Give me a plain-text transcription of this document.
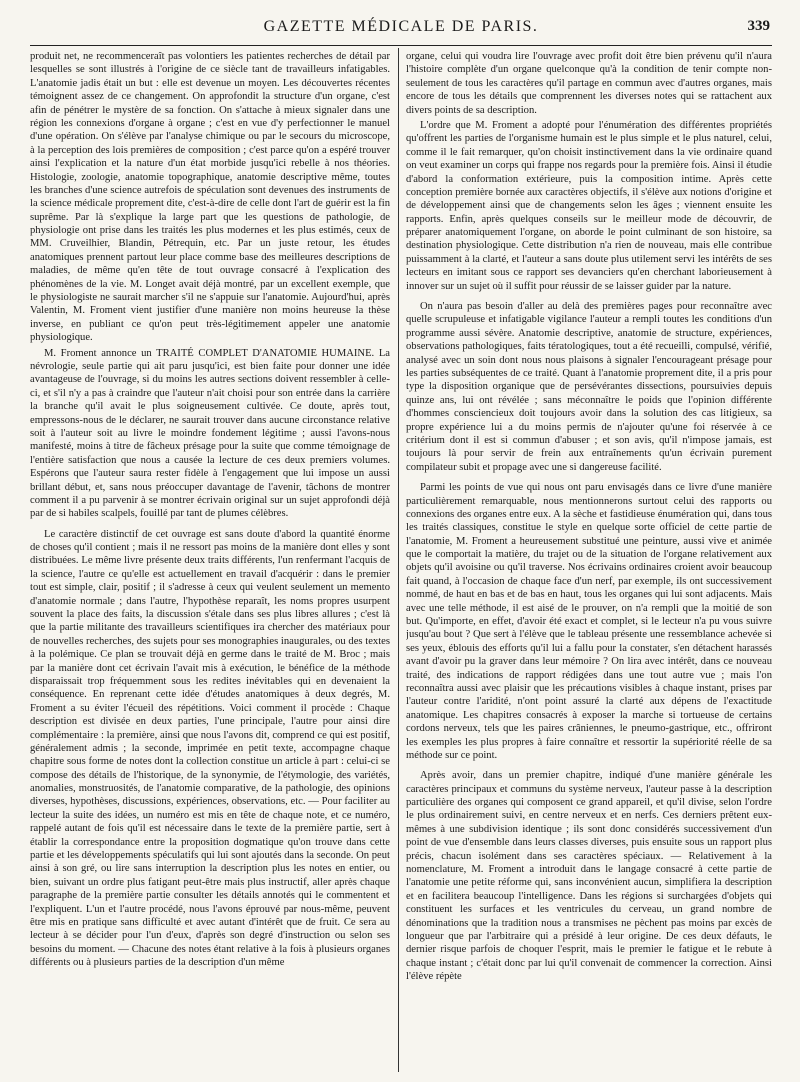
GAZETTE MÉDICALE DE PARIS.	339

produit net, ne recommenceraît pas volontiers les patientes recherches de détail par lesquelles se sont illustrés à l'origine de ce siècle tant de travailleurs infatigables. L'anatomie jadis était un but : elle est devenue un moyen. Les découvertes récentes témoignent assez de ce changement. On approfondit la structure d'un organe, c'est afin de pénétrer le mystère de sa fonction. On s'attache à mieux signaler dans une région les connexions d'organe à organe ; c'est en vue d'y perfectionner le manuel d'une opération. On s'élève par l'analyse chimique ou par le secours du microscope, à la perception des lois premières de composition ; c'est parce qu'on a espéré trouver ainsi l'explication et la nature d'un état morbide jusqu'ici rebelle à nos théories. Histologie, zoologie, anatomie topographique, anatomie descriptive même, toutes les branches d'une science autrefois de spéculation sont devenues des instruments de la science médicale proprement dite, c'est-à-dire de celle dont l'art de guérir est la fin suprême. Par là s'explique la large part que les questions de pathologie, de physiologie ont prise dans les traités les plus modernes et les plus estimés, ceux de MM. Cruveilhier, Blandin, Pétrequin, etc. Par un juste retour, les études anatomiques prennent partout leur place comme base des meilleures descriptions de maladies, de même qu'en tête de tout ouvrage consacré à l'explication des phénomènes de la vie. M. Longet avait déjà montré, par un excellent exemple, que le physiologiste ne saurait marcher s'il ne s'appuie sur l'anatomie. Aujourd'hui, après Valentin, M. Froment vient justifier d'une manière non moins heureuse la thèse inverse, en publiant ce qu'on peut très-légitimement appeler une anatomie physiologique.

M. Froment annonce un TRAITÉ COMPLET D'ANATOMIE HUMAINE. La névrologie, seule partie qui ait paru jusqu'ici, est bien faite pour donner une idée avantageuse de l'ouvrage, si du moins les autres sections doivent ressembler à celle-ci, et s'il n'y a pas à craindre que l'auteur n'ait choisi pour son entrée dans la carrière la branche qu'il avait le plus soigneusement cultivée. Ce doute, après tout, empressons-nous de le déclarer, ne saurait trouver dans aucune circonstance relative soit à l'auteur soit au livre le moindre fondement légitime ; aussi l'avons-nous manifesté, moins à titre de fâcheux présage pour la suite que comme témoignage de l'entière satisfaction que nous a causée la lecture de ces deux premiers volumes. Espérons que l'auteur saura rester fidèle à l'engagement que lui impose un aussi brillant début, et, sans nous préoccuper davantage de l'avenir, tâchons de montrer comment il a pu parvenir à se montrer écrivain original sur un sujet approfondi déjà par de si habiles scalpels, fouillé par tant de plumes célèbres.

Le caractère distinctif de cet ouvrage est sans doute d'abord la quantité énorme de choses qu'il contient ; mais il ne ressort pas moins de la manière dont elles y sont distribuées. Le même livre présente deux traits différents, l'un renfermant l'acquis de la science, l'autre ce qu'elle est actuellement en travail d'acquérir : dans le premier tout est simple, clair, positif ; il s'adresse à ceux qui veulent seulement un memento d'anatomie normale ; dans l'autre, l'hypothèse reparaît, les noms propres usurpent souvent la place des faits, la discussion s'étale dans ses plus libres allures ; c'est là que la partie militante des travailleurs scientifiques ira chercher des matériaux pour de nouvelles recherches, des sujets pour ses monographies inaugurales, ou des textes à la polémique. Ce plan se trouvait déjà en germe dans le traité de M. Broc ; mais par la manière dont cet écrivain l'avait mis à exécution, le bénéfice de la méthode disparaissait trop fréquemment sous les redites inévitables qui en devenaient la conséquence. En reprenant cette idée d'études anatomiques à deux degrés, M. Froment a su éviter l'écueil des répétitions. Voici comment il procède : Chaque description est divisée en deux parties, l'une principale, l'autre pour ainsi dire complémentaire : la première, ainsi que nous l'avons dit, comprend ce qui est positif, généralement admis ; la seconde, imprimée en petit texte, accompagne chaque chapitre sous forme de notes dont la collection constitue un article à part : celui-ci se compose des détails de l'historique, de la synonymie, de l'étymologie, des variétés, anomalies, monstruosités, de l'anatomie comparative, de la pathologie, des opinions diverses, hypothèses, discussions, expériences, observations, etc. — Pour faciliter au lecteur la suite des idées, un numéro est mis en tête de chaque note, et ce numéro, rappelé autant de fois qu'il est nécessaire dans le texte de la première partie, sert à établir la correspondance entre la proposition dogmatique qu'on trouve dans cette partie et les développements spéculatifs qui lui sont ajoutés dans la seconde. On peut ainsi à son gré, ou lire sans interruption la description plus les notes en entier, ou bien, suivant un ordre plus fatigant peut-être mais plus instructif, aller après chaque paragraphe de la première partie consulter les détails annotés qui le commentent et l'expliquent. L'un et l'autre procédé, nous l'avons éprouvé par nous-même, peuvent être mis en pratique sans difficulté et avec autant d'intérêt que de fruit. Ce sera au lecteur à se décider pour l'un d'eux, d'après son degré d'instruction ou selon ses besoins du moment. — Chacune des notes étant relative à la fois à plusieurs organes différents ou à plusieurs parties de la description d'un même

organe, celui qui voudra lire l'ouvrage avec profit doit être bien prévenu qu'il n'aura l'histoire complète d'un organe quelconque qu'à la condition de tenir compte non-seulement de tous les caractères qu'il partage en commun avec d'autres organes, mais encore de tous les détails que comprennent les diverses notes qui se rattachent aux divers points de sa description.

L'ordre que M. Froment a adopté pour l'énumération des différentes propriétés qu'offrent les parties de l'organisme humain est le plus simple et le plus naturel, celui, comme il le fait remarquer, qu'on choisit instinctivement dans la vie ordinaire quand on veut examiner un corps qui frappe nos regards pour la première fois. Ainsi il étudie d'abord la conformation extérieure, puis la composition intime. Après cette conception première bornée aux caractères objectifs, il s'élève aux notions d'origine et de développement ainsi que de changements selon les âges ; viennent ensuite les rapports. Enfin, après quelques conseils sur le meilleur mode de découvrir, de préparer anatomiquement l'organe, on aborde le point culminant de son histoire, sa destination physiologique. Cette distribution n'a rien de nouveau, mais elle contribue puissamment à la clarté, et l'auteur a sans doute plus utilement servi les intérêts de ses lecteurs en imitant sous ce rapport ses devanciers qu'en cherchant laborieusement à innover sur un sujet où il suffit pour réussir de se laisser guider par la nature.

On n'aura pas besoin d'aller au delà des premières pages pour reconnaître avec quelle scrupuleuse et infatigable vigilance l'auteur a rempli toutes les conditions d'un programme aussi sévère. Anatomie descriptive, anatomie de structure, expériences, observations pathologiques, faits tératologiques, tout a été recueilli, compulsé, vérifié, analysé avec un soin dont nous nous plaisons à signaler l'encourageant présage pour les parties subséquentes de ce traité. Quant à l'anatomie proprement dite, il a pris pour type la disposition organique que de persévérantes dissections, poursuivies depuis quinze ans, lui ont révélée ; sans méconnaître le poids que l'opinion différente d'hommes consciencieux doit toujours avoir dans la solution des cas litigieux, sa propre expérience lui a du moins permis de n'ajouter qu'une foi réservée à ce critérium dont il est si commun d'abuser ; et son avis, qu'il n'impose jamais, est toujours là pour servir de frein aux entraînements qu'un écrivain purement compilateur subit et propage avec une si dangereuse facilité.

Parmi les points de vue qui nous ont paru envisagés dans ce livre d'une manière particulièrement remarquable, nous mentionnerons surtout celui des rapports ou connexions des organes entre eux. A la sèche et fastidieuse énumération qui, dans tous les traités classiques, constitue le style en quelque sorte officiel de cette partie de l'anatomie, M. Froment a heureusement substitué une peinture, aussi vive et animée que le comportait la matière, du trajet ou de la situation de l'organe relativement aux objets qu'il avoisine ou qu'il traverse. Nos écrivains ordinaires croient avoir beaucoup fait quand, à l'occasion de chaque face d'un nerf, par exemple, ils ont successivement nommé, de haut en bas et de bas en haut, tous les organes qui lui sont adjacents. Mais avec une telle méthode, il est aisé de le prouver, on n'a rempli que la moitié de son but. Qu'importe, en effet, d'avoir été exact et complet, si le lecteur n'a pu vous suivre jusqu'au bout ? Que sert à l'élève que le tableau présente une ressemblance achevée si ses yeux, éblouis des efforts qu'il lui a fallu pour la constater, s'en détachent harassés avant d'avoir pu la graver dans leur mémoire ? On lira avec intérêt, dans ce nouveau traité, des indications de rapport rédigées dans une tout autre vue ; mais l'on reconnaîtra aussi avec plaisir que les précautions visibles à chaque instant, prises par l'auteur contre l'aridité, n'ont point assuré la clarté aux dépens de l'exactitude anatomique. Les chapitres consacrés à exposer la marche si tortueuse de certains cordons nerveux, tels que les paires crâniennes, le pneumo-gastrique, etc., offriront les exemples les plus propres à faire connaître et ressortir la supériorité réelle de sa méthode sur ce point.

Après avoir, dans un premier chapitre, indiqué d'une manière générale les caractères principaux et communs du système nerveux, l'auteur passe à la description particulière des organes qui composent ce grand appareil, et qu'il divise, selon l'ordre le plus ordinairement suivi, en centre nerveux et en nerfs. Ces derniers prêtent eux-mêmes à une subdivision identique ; ils sont donc considérés successivement d'un point de vue d'ensemble dans leurs classes diverses, puis ensuite sous un rapport plus précis, chacun isolément dans ses caractères spéciaux. — Relativement à la nomenclature, M. Froment a introduit dans le langage consacré à cette partie de l'anatomie une petite réforme qui, sans inconvénient aucun, simplifiera la description et en facilitera beaucoup l'intelligence. Dans les régions si surchargées d'objets qui constituent les surfaces et les ventricules du cerveau, un grand nombre de dénominations que la tradition nous a transmises ne pèchent pas moins par excès de longueur que par l'arbitraire qui a présidé à leur origine. De ces deux défauts, le dernier risque parfois de choquer l'esprit, mais le premier le fatigue et le rebute à chaque instant ; c'était donc par lui qu'il convenait de commencer la correction. Ainsi l'élève répète
